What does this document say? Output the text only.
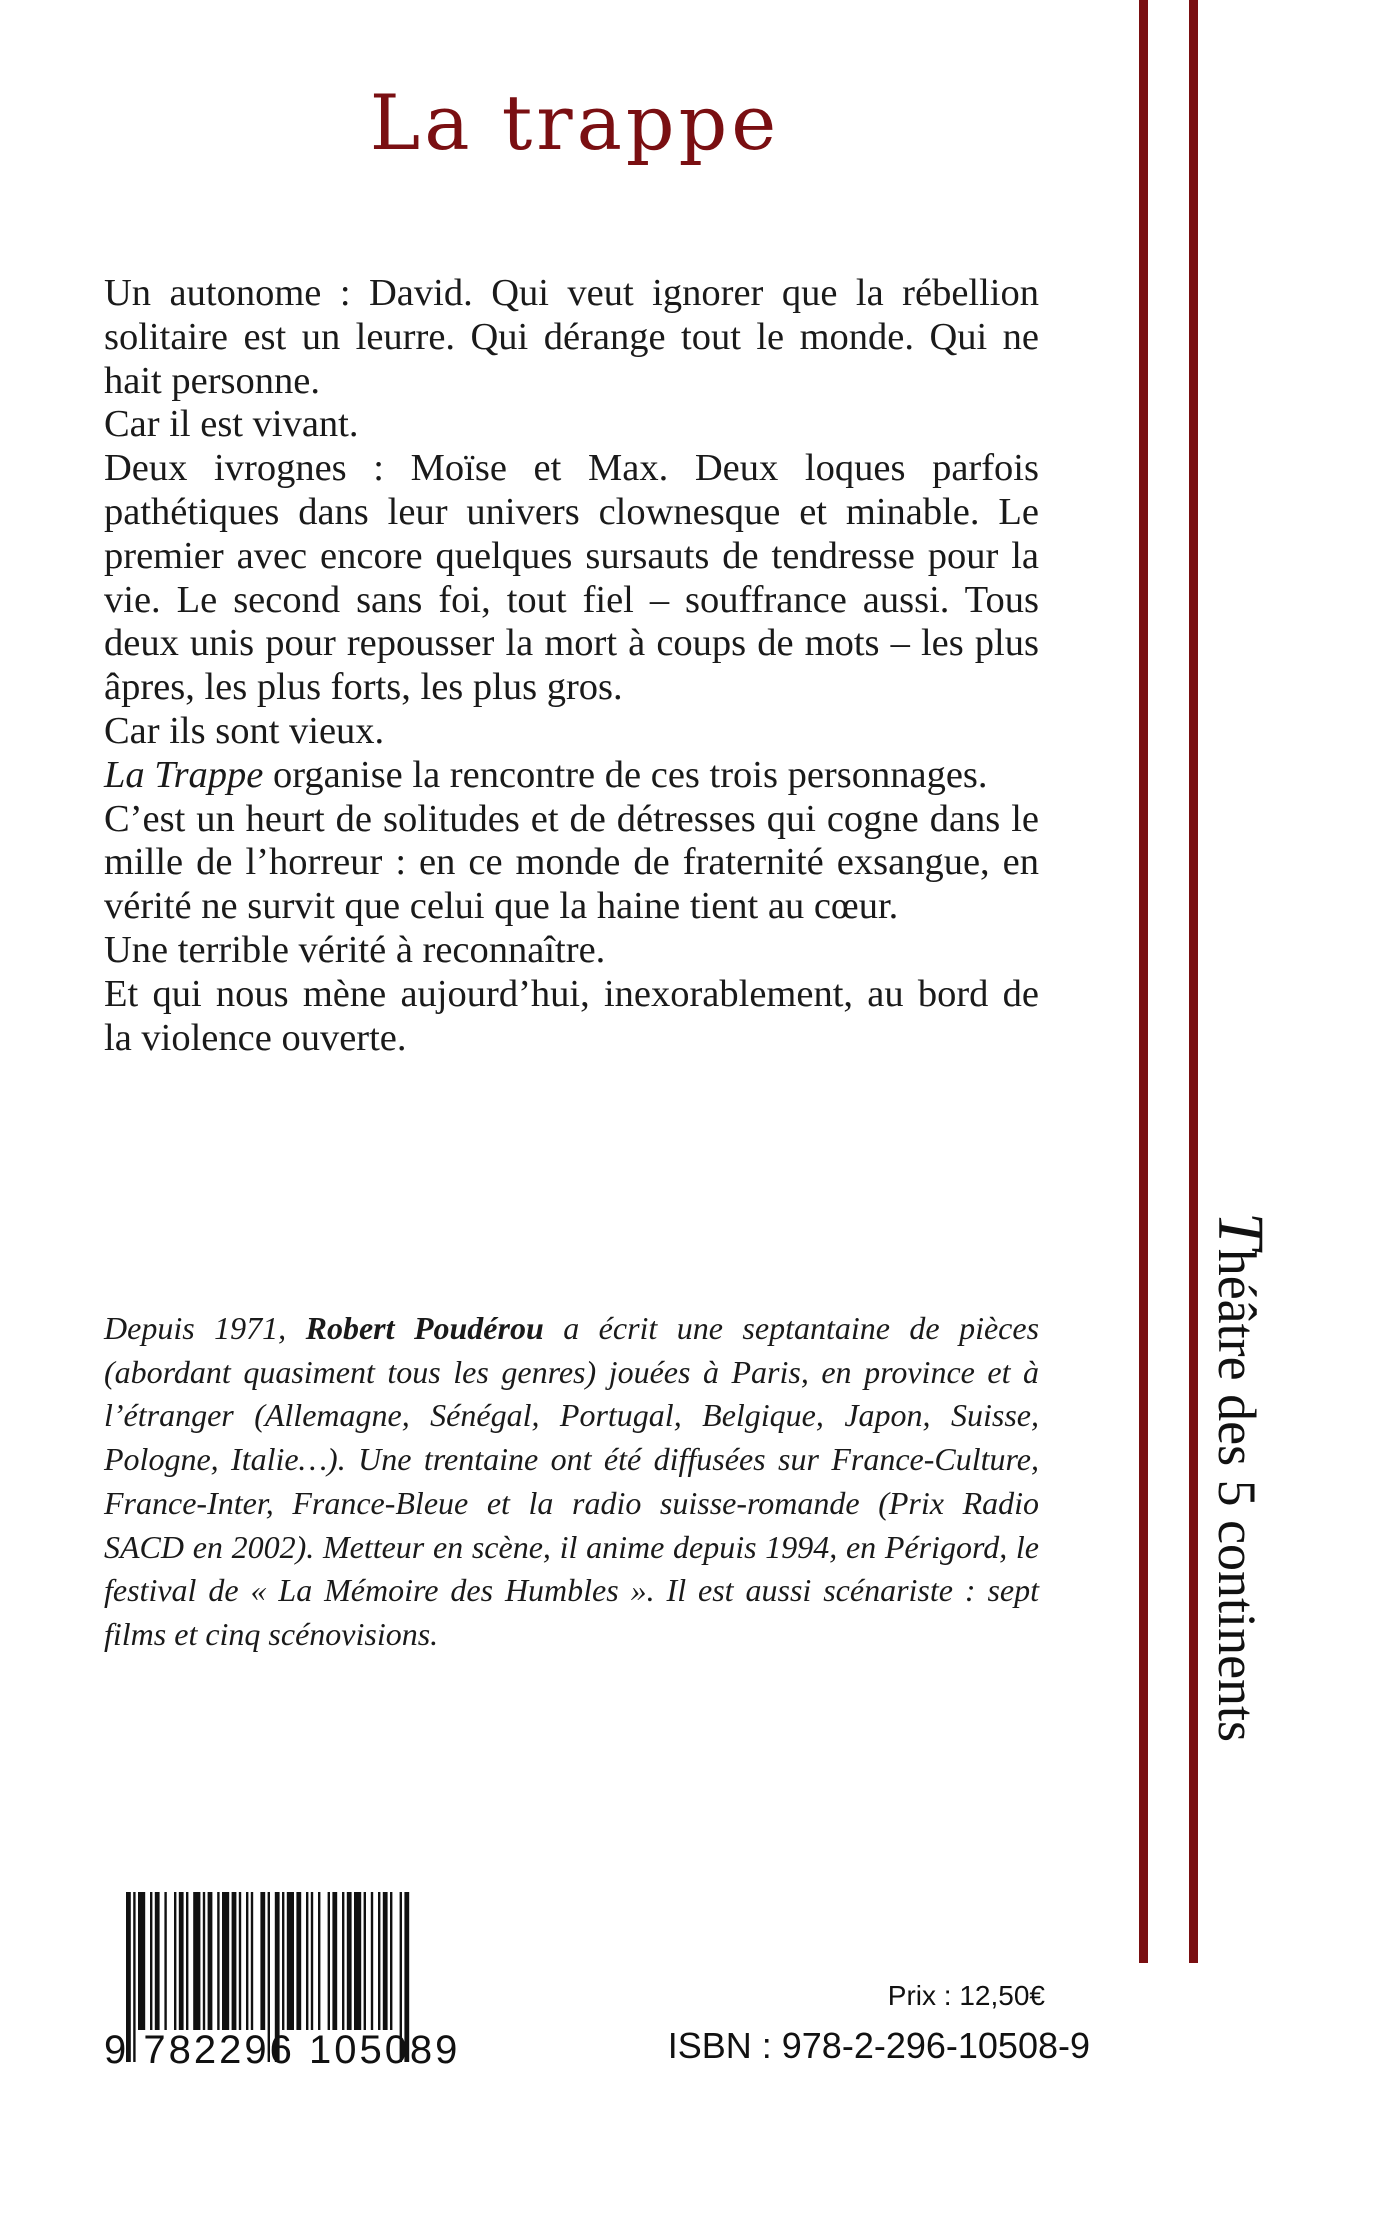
La trappe

Un autonome : David. Qui veut ignorer que la rébellion solitaire est un leurre. Qui dérange tout le monde. Qui ne hait personne.

Car il est vivant.

Deux ivrognes : Moïse et Max. Deux loques parfois pathétiques dans leur univers clownesque et minable. Le premier avec encore quelques sursauts de tendresse pour la vie. Le second sans foi, tout fiel – souffrance aussi. Tous deux unis pour repousser la mort à coups de mots – les plus âpres, les plus forts, les plus gros.

Car ils sont vieux.

La Trappe organise la rencontre de ces trois personnages.

C’est un heurt de solitudes et de détresses qui cogne dans le mille de l’horreur : en ce monde de fraternité exsangue, en vérité ne survit que celui que la haine tient au cœur.

Une terrible vérité à reconnaître.

Et qui nous mène aujourd’hui, inexorablement, au bord de la violence ouverte.

Depuis 1971, Robert Poudérou a écrit une septantaine de pièces (abordant quasiment tous les genres) jouées à Paris, en province et à l’étranger (Allemagne, Sénégal, Portugal, Belgique, Japon, Suisse, Pologne, Italie…). Une trentaine ont été diffusées sur France-Culture, France-Inter, France-Bleue et la radio suisse-romande (Prix Radio SACD en 2002). Metteur en scène, il anime depuis 1994, en Périgord, le festival de « La Mémoire des Humbles ». Il est aussi scénariste : sept films et cinq scénovisions.

Théâtre des 5 continents
9 782296 105089
Prix : 12,50€
ISBN : 978-2-296-10508-9
